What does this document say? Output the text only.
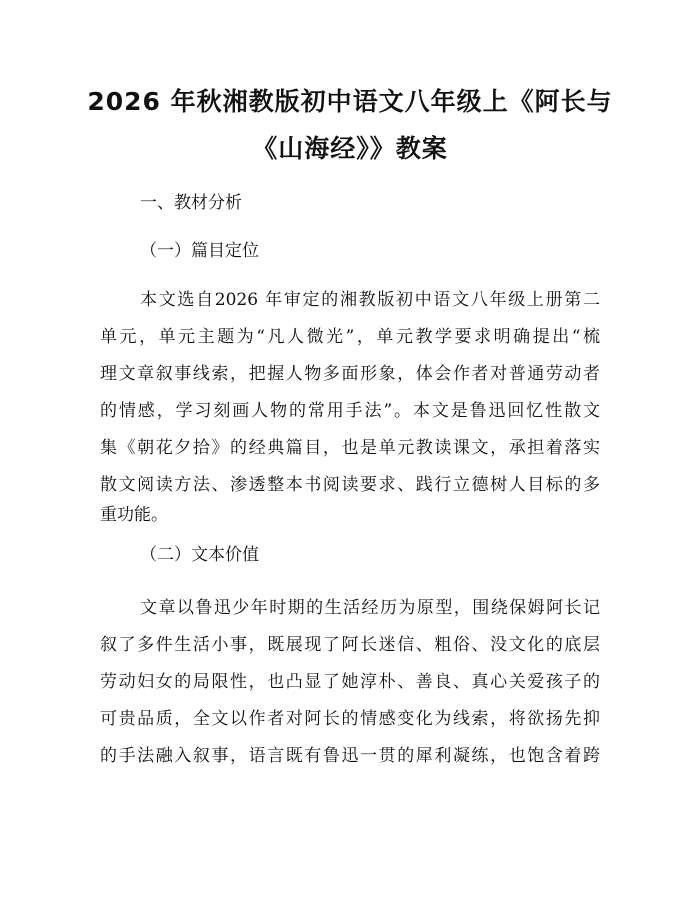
2026 年秋湘教版初中语文八年级上《阿长与
《山海经》》教案
一、教材分析
（一）篇目定位
本文选自2026 年审定的湘教版初中语文八年级上册第二
单元，单元主题为“凡人微光”，单元教学要求明确提出“梳
理文章叙事线索，把握人物多面形象，体会作者对普通劳动者
的情感，学习刻画人物的常用手法”。本文是鲁迅回忆性散文
集《朝花夕拾》的经典篇目，也是单元教读课文，承担着落实
散文阅读方法、渗透整本书阅读要求、践行立德树人目标的多
重功能。
（二）文本价值
文章以鲁迅少年时期的生活经历为原型，围绕保姆阿长记
叙了多件生活小事，既展现了阿长迷信、粗俗、没文化的底层
劳动妇女的局限性，也凸显了她淳朴、善良、真心关爱孩子的
可贵品质，全文以作者对阿长的情感变化为线索，将欲扬先抑
的手法融入叙事，语言既有鲁迅一贯的犀利凝练，也饱含着跨
